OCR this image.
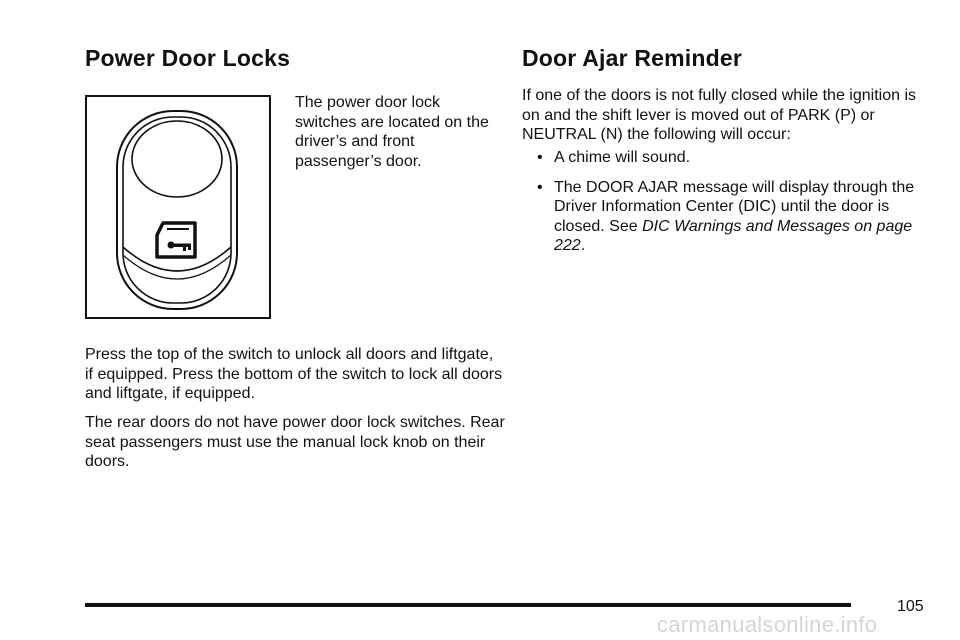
Power Door Locks

The power door lock switches are located on the driver’s and front passenger’s door.

Press the top of the switch to unlock all doors and liftgate, if equipped. Press the bottom of the switch to lock all doors and liftgate, if equipped.

The rear doors do not have power door lock switches. Rear seat passengers must use the manual lock knob on their doors.

Door Ajar Reminder

If one of the doors is not fully closed while the ignition is on and the shift lever is moved out of PARK (P) or NEUTRAL (N) the following will occur:

• A chime will sound.
• The DOOR AJAR message will display through the Driver Information Center (DIC) until the door is closed. See DIC Warnings and Messages on page 222.
105
carmanualsonline.info
